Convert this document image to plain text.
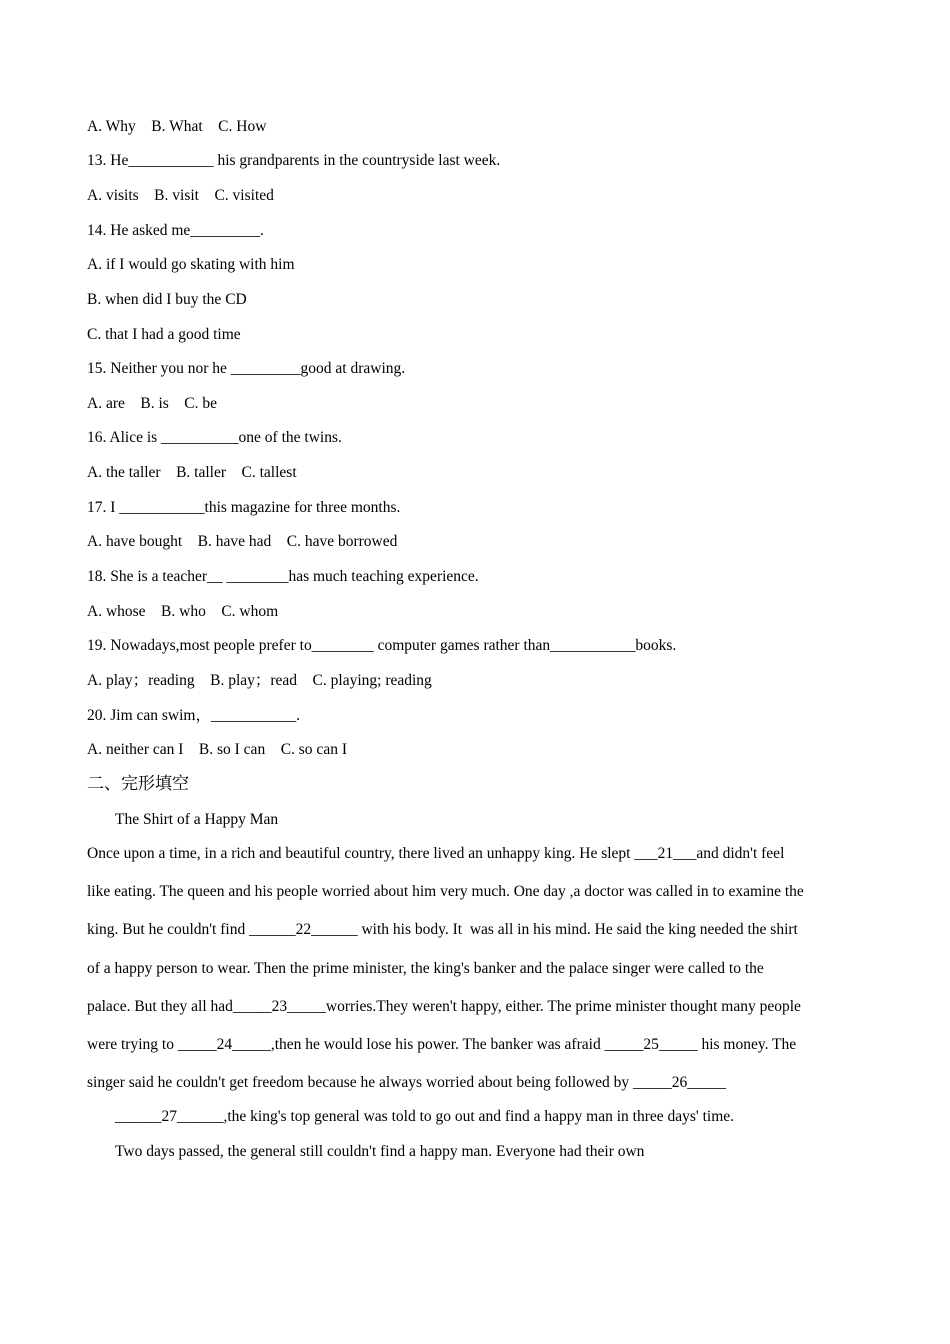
A. Why    B. What    C. How
13. He___________ his grandparents in the countryside last week.
A. visits    B. visit    C. visited
14. He asked me_________.
A. if I would go skating with him
B. when did I buy the CD
C. that I had a good time
15. Neither you nor he _________good at drawing.
A. are    B. is    C. be
16. Alice is __________one of the twins.
A. the taller    B. taller    C. tallest
17. I ___________this magazine for three months.
A. have bought    B. have had    C. have borrowed
18. She is a teacher__ ________has much teaching experience.
A. whose    B. who    C. whom
19. Nowadays,most people prefer to________ computer games rather than___________books.
A. play；reading    B. play；read    C. playing; reading
20. Jim can swim，___________.
A. neither can I    B. so I can    C. so can I
二、完形填空
The Shirt of a Happy Man
Once upon a time, in a rich and beautiful country, there lived an unhappy king. He slept ___21___and didn't feel
like eating. The queen and his people worried about him very much. One day ,a doctor was called in to examine the
king. But he couldn't find ______22______ with his body. It  was all in his mind. He said the king needed the shirt
of a happy person to wear. Then the prime minister, the king's banker and the palace singer were called to the
palace. But they all had_____23_____worries.They weren't happy, either. The prime minister thought many people
were trying to _____24_____,then he would lose his power. The banker was afraid _____25_____ his money. The
singer said he couldn't get freedom because he always worried about being followed by _____26_____
______27______,the king's top general was told to go out and find a happy man in three days' time.
Two days passed, the general still couldn't find a happy man. Everyone had their own
